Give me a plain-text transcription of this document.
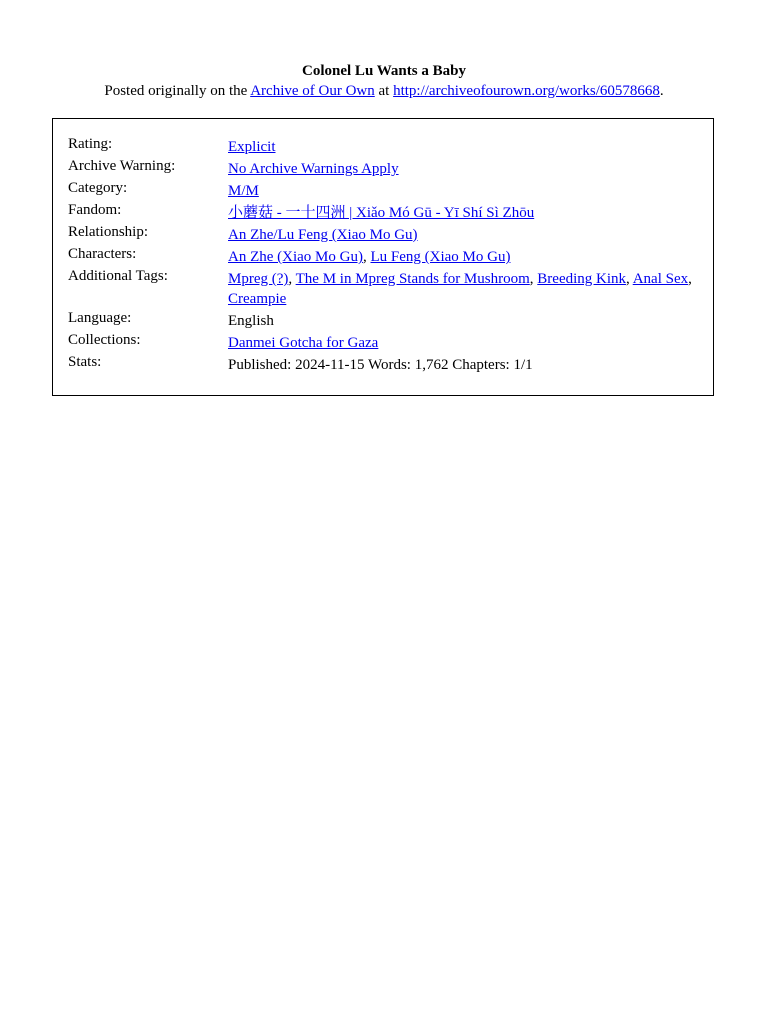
Colonel Lu Wants a Baby
Posted originally on the Archive of Our Own at http://archiveofourown.org/works/60578668.
Rating:	Explicit
Archive Warning:	No Archive Warnings Apply
Category:	M/M
Fandom:	小蘑菇 - 一十四洲 | Xiǎo Mó Gū - Yī Shí Sì Zhōu
Relationship:	An Zhe/Lu Feng (Xiao Mo Gu)
Characters:	An Zhe (Xiao Mo Gu), Lu Feng (Xiao Mo Gu)
Additional Tags:	Mpreg (?), The M in Mpreg Stands for Mushroom, Breeding Kink, Anal Sex, Creampie
Language:	English
Collections:	Danmei Gotcha for Gaza
Stats:	Published: 2024-11-15 Words: 1,762 Chapters: 1/1
